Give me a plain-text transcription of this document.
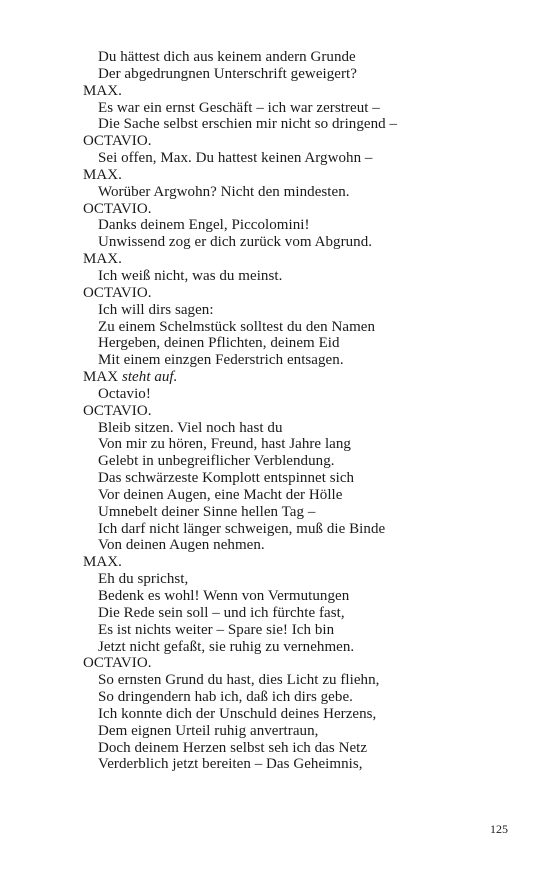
Du hättest dich aus keinem andern Grunde
Der abgedrungnen Unterschrift geweigert?
MAX.
Es war ein ernst Geschäft – ich war zerstreut –
Die Sache selbst erschien mir nicht so dringend –
OCTAVIO.
Sei offen, Max. Du hattest keinen Argwohn –
MAX.
Worüber Argwohn? Nicht den mindesten.
OCTAVIO.
Danks deinem Engel, Piccolomini!
Unwissend zog er dich zurück vom Abgrund.
MAX.
Ich weiß nicht, was du meinst.
OCTAVIO.
Ich will dirs sagen:
Zu einem Schelmstück solltest du den Namen
Hergeben, deinen Pflichten, deinem Eid
Mit einem einzgen Federstrich entsagen.
MAX steht auf.
Octavio!
OCTAVIO.
Bleib sitzen. Viel noch hast du
Von mir zu hören, Freund, hast Jahre lang
Gelebt in unbegreiflicher Verblendung.
Das schwärzeste Komplott entspinnet sich
Vor deinen Augen, eine Macht der Hölle
Umnebelt deiner Sinne hellen Tag –
Ich darf nicht länger schweigen, muß die Binde
Von deinen Augen nehmen.
MAX.
Eh du sprichst,
Bedenk es wohl! Wenn von Vermutungen
Die Rede sein soll – und ich fürchte fast,
Es ist nichts weiter – Spare sie! Ich bin
Jetzt nicht gefaßt, sie ruhig zu vernehmen.
OCTAVIO.
So ernsten Grund du hast, dies Licht zu fliehn,
So dringendern hab ich, daß ich dirs gebe.
Ich konnte dich der Unschuld deines Herzens,
Dem eignen Urteil ruhig anvertraun,
Doch deinem Herzen selbst seh ich das Netz
Verderblich jetzt bereiten – Das Geheimnis,
125
